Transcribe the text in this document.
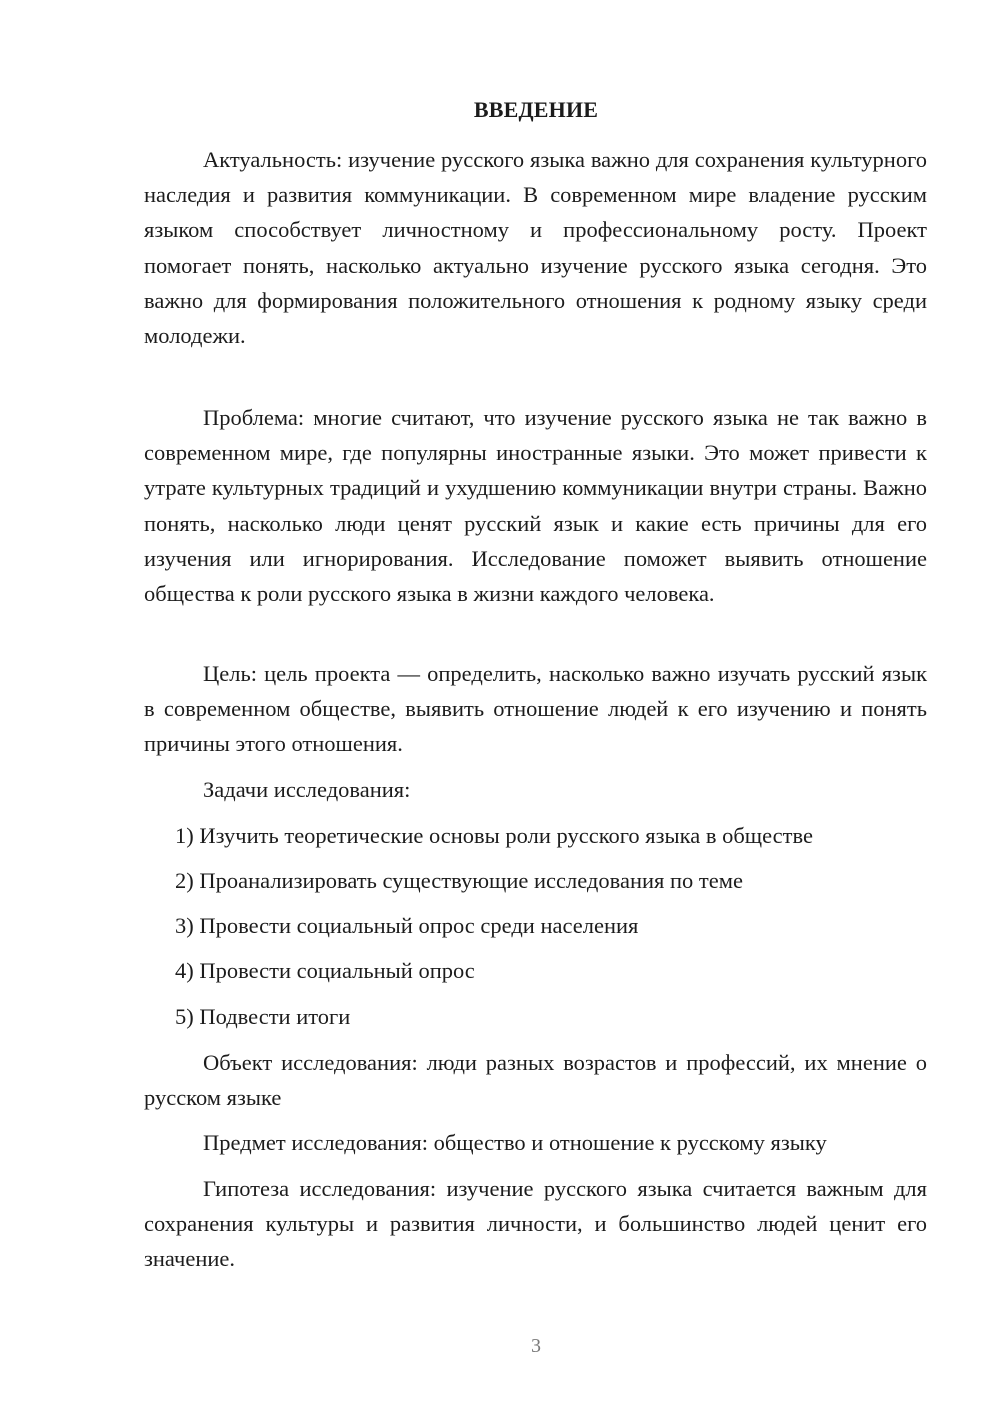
ВВЕДЕНИЕ

Актуальность: изучение русского языка важно для сохранения культурного наследия и развития коммуникации. В современном мире владение русским языком способствует личностному и профессиональному росту. Проект помогает понять, насколько актуально изучение русского языка сегодня. Это важно для формирования положительного отношения к родному языку среди молодежи.

Проблема: многие считают, что изучение русского языка не так важно в современном мире, где популярны иностранные языки. Это может привести к утрате культурных традиций и ухудшению коммуникации внутри страны. Важно понять, насколько люди ценят русский язык и какие есть причины для его изучения или игнорирования. Исследование поможет выявить отношение общества к роли русского языка в жизни каждого человека.

Цель: цель проекта — определить, насколько важно изучать русский язык в современном обществе, выявить отношение людей к его изучению и понять причины этого отношения.

Задачи исследования:

1) Изучить теоретические основы роли русского языка в обществе

2) Проанализировать существующие исследования по теме

3) Провести социальный опрос среди населения

4) Провести социальный опрос

5) Подвести итоги

Объект исследования: люди разных возрастов и профессий, их мнение о русском языке

Предмет исследования: общество и отношение к русскому языку

Гипотеза исследования: изучение русского языка считается важным для сохранения культуры и развития личности, и большинство людей ценит его значение.

3
